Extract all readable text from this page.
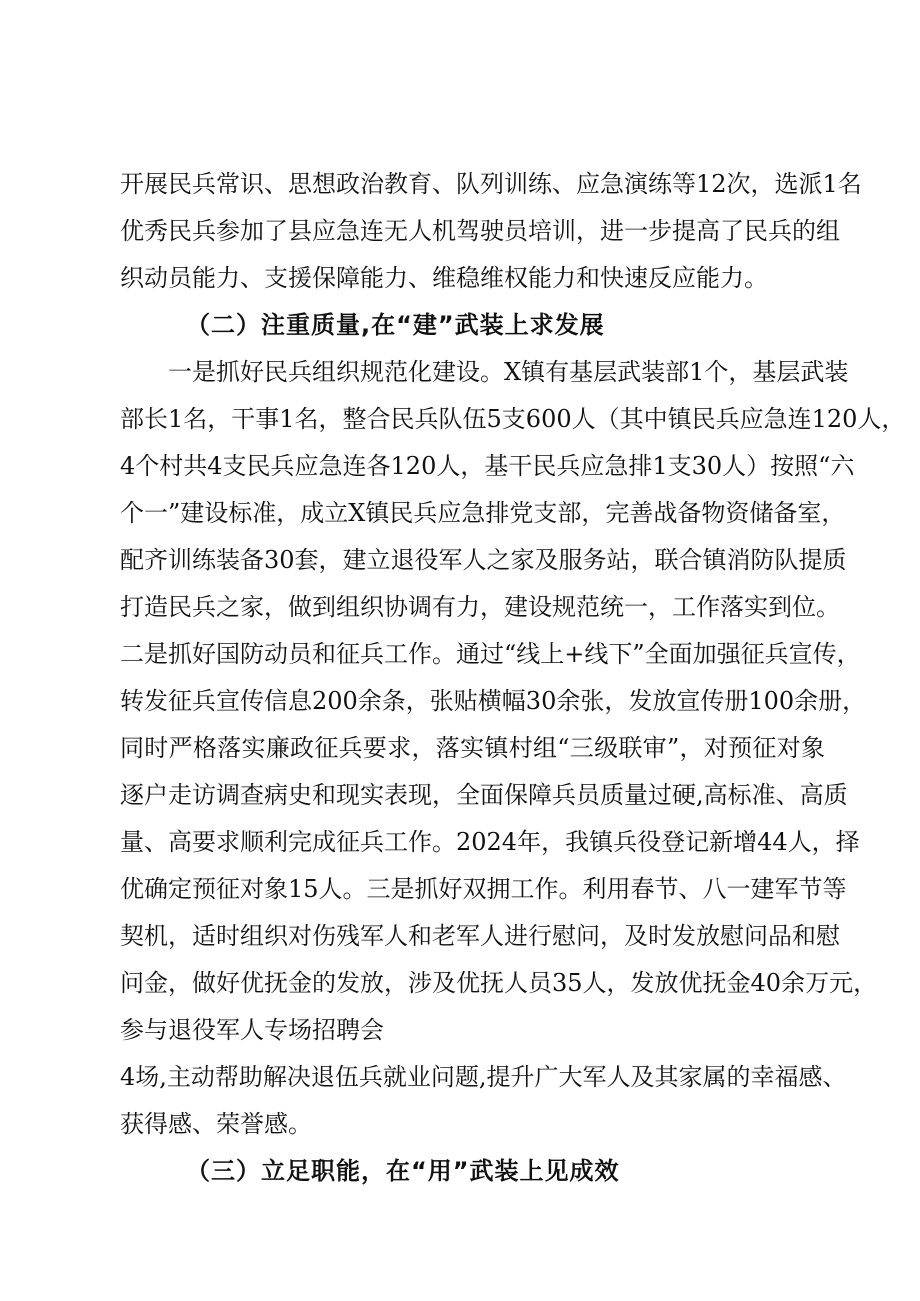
开展民兵常识、思想政治教育、队列训练、应急演练等12次，选派1名
优秀民兵参加了县应急连无人机驾驶员培训，进一步提高了民兵的组
织动员能力、支援保障能力、维稳维权能力和快速反应能力。
（二）注重质量,在“建”武装上求发展
一是抓好民兵组织规范化建设。X镇有基层武装部1个，基层武装
部长1名，干事1名，整合民兵队伍5支600人（其中镇民兵应急连120人，
4个村共4支民兵应急连各120人，基干民兵应急排1支30人）按照“六
个一”建设标准，成立X镇民兵应急排党支部，完善战备物资储备室，
配齐训练装备30套，建立退役军人之家及服务站，联合镇消防队提质
打造民兵之家，做到组织协调有力，建设规范统一，工作落实到位。
二是抓好国防动员和征兵工作。通过“线上+线下”全面加强征兵宣传，
转发征兵宣传信息200余条，张贴横幅30余张，发放宣传册100余册，
同时严格落实廉政征兵要求，落实镇村组“三级联审”，对预征对象
逐户走访调查病史和现实表现，全面保障兵员质量过硬,高标准、高质
量、高要求顺利完成征兵工作。2024年，我镇兵役登记新增44人，择
优确定预征对象15人。三是抓好双拥工作。利用春节、八一建军节等
契机，适时组织对伤残军人和老军人进行慰问，及时发放慰问品和慰
问金，做好优抚金的发放，涉及优抚人员35人，发放优抚金40余万元，
参与退役军人专场招聘会
4场,主动帮助解决退伍兵就业问题,提升广大军人及其家属的幸福感、
获得感、荣誉感。
（三）立足职能，在“用”武装上见成效
